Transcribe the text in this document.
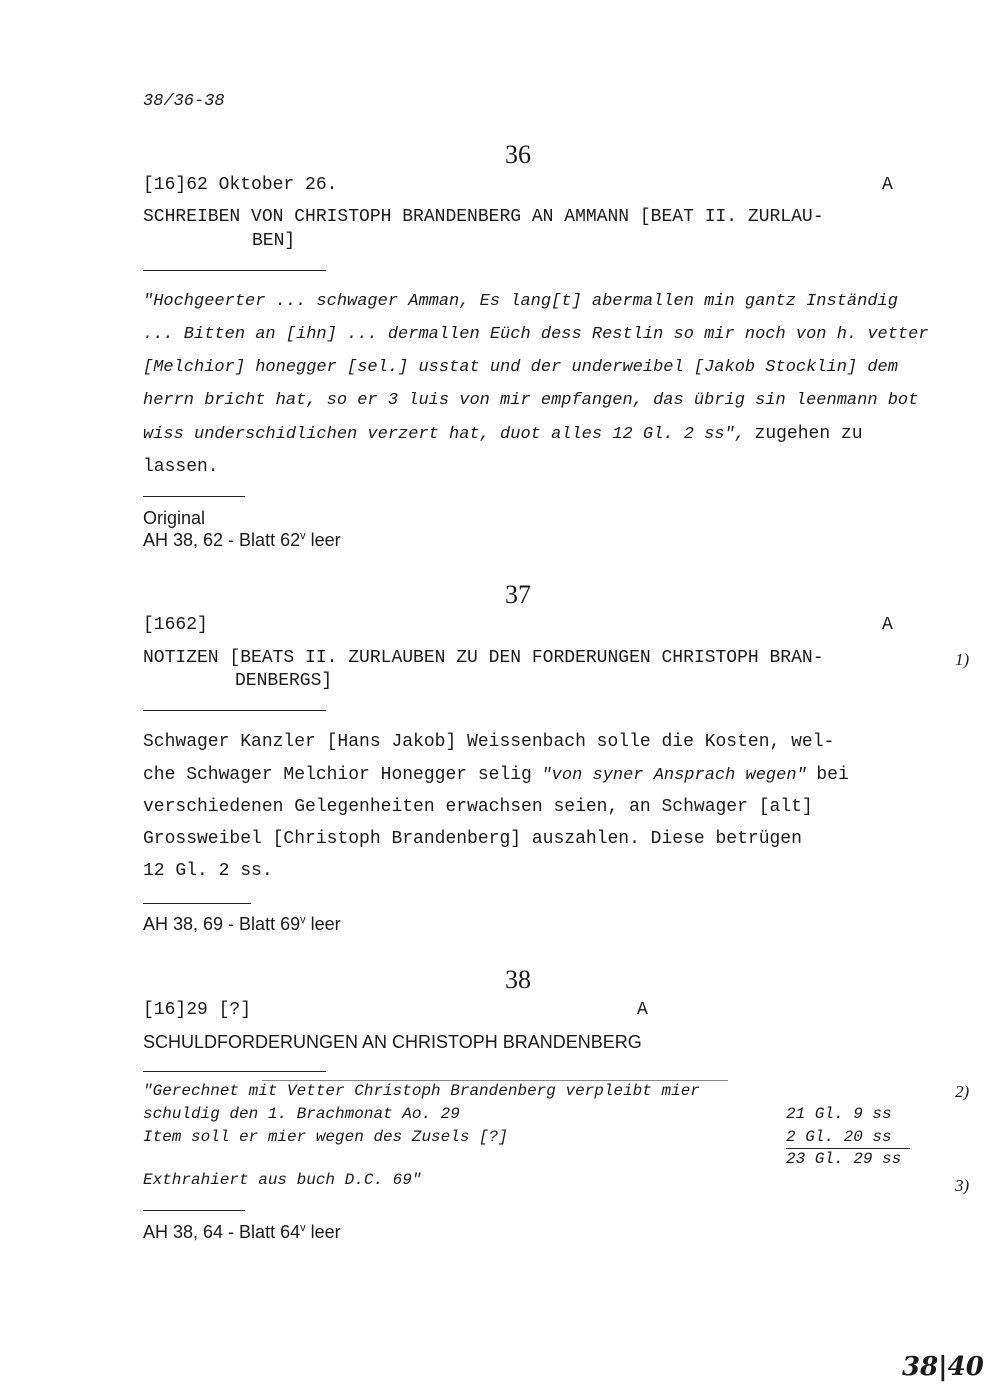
38/36-38
36
[16]62 Oktober 26.	A
SCHREIBEN VON CHRISTOPH BRANDENBERG AN AMMANN [BEAT II. ZURLAU-
BEN]
"Hochgeerter ... schwager Amman, Es lang[t] abermallen min gantz Inständig
... Bitten an [ihn] ... dermallen Eüch dess Restlin so mir noch von h. vetter
[Melchior] honegger [sel.] usstat und der underweibel [Jakob Stocklin] dem
herrn bricht hat, so er 3 luis von mir empfangen, das übrig sin leenmann bot
wiss underschidlichen verzert hat, duot alles 12 Gl. 2 ss", zugehen zu
lassen.
Original
AH 38, 62 - Blatt 62$^v$ leer
37
[1662]	A
NOTIZEN [BEATS II. ZURLAUBEN ZU DEN FORDERUNGEN CHRISTOPH BRAN-
DENBERGS]
1)
Schwager Kanzler [Hans Jakob] Weissenbach solle die Kosten, wel-
che Schwager Melchior Honegger selig "von syner Ansprach wegen" bei
verschiedenen Gelegenheiten erwachsen seien, an Schwager [alt]
Grossweibel [Christoph Brandenberg] auszahlen. Diese betrügen
12 Gl. 2 ss.
AH 38, 69 - Blatt 69$^v$ leer
38
[16]29 [?]	A
SCHULDFORDERUNGEN AN CHRISTOPH BRANDENBERG
"Gerechnet mit Vetter Christoph Brandenberg verpleibt mier	2)
schuldig den 1. Brachmonat Ao. 29	21 Gl. 9 ss
Item soll er mier wegen des Zusels [?]	2 Gl. 20 ss
23 Gl. 29 ss
Exthrahiert aus buch D.C. 69"	3)
AH 38, 64 - Blatt 64$^v$ leer
38|40
